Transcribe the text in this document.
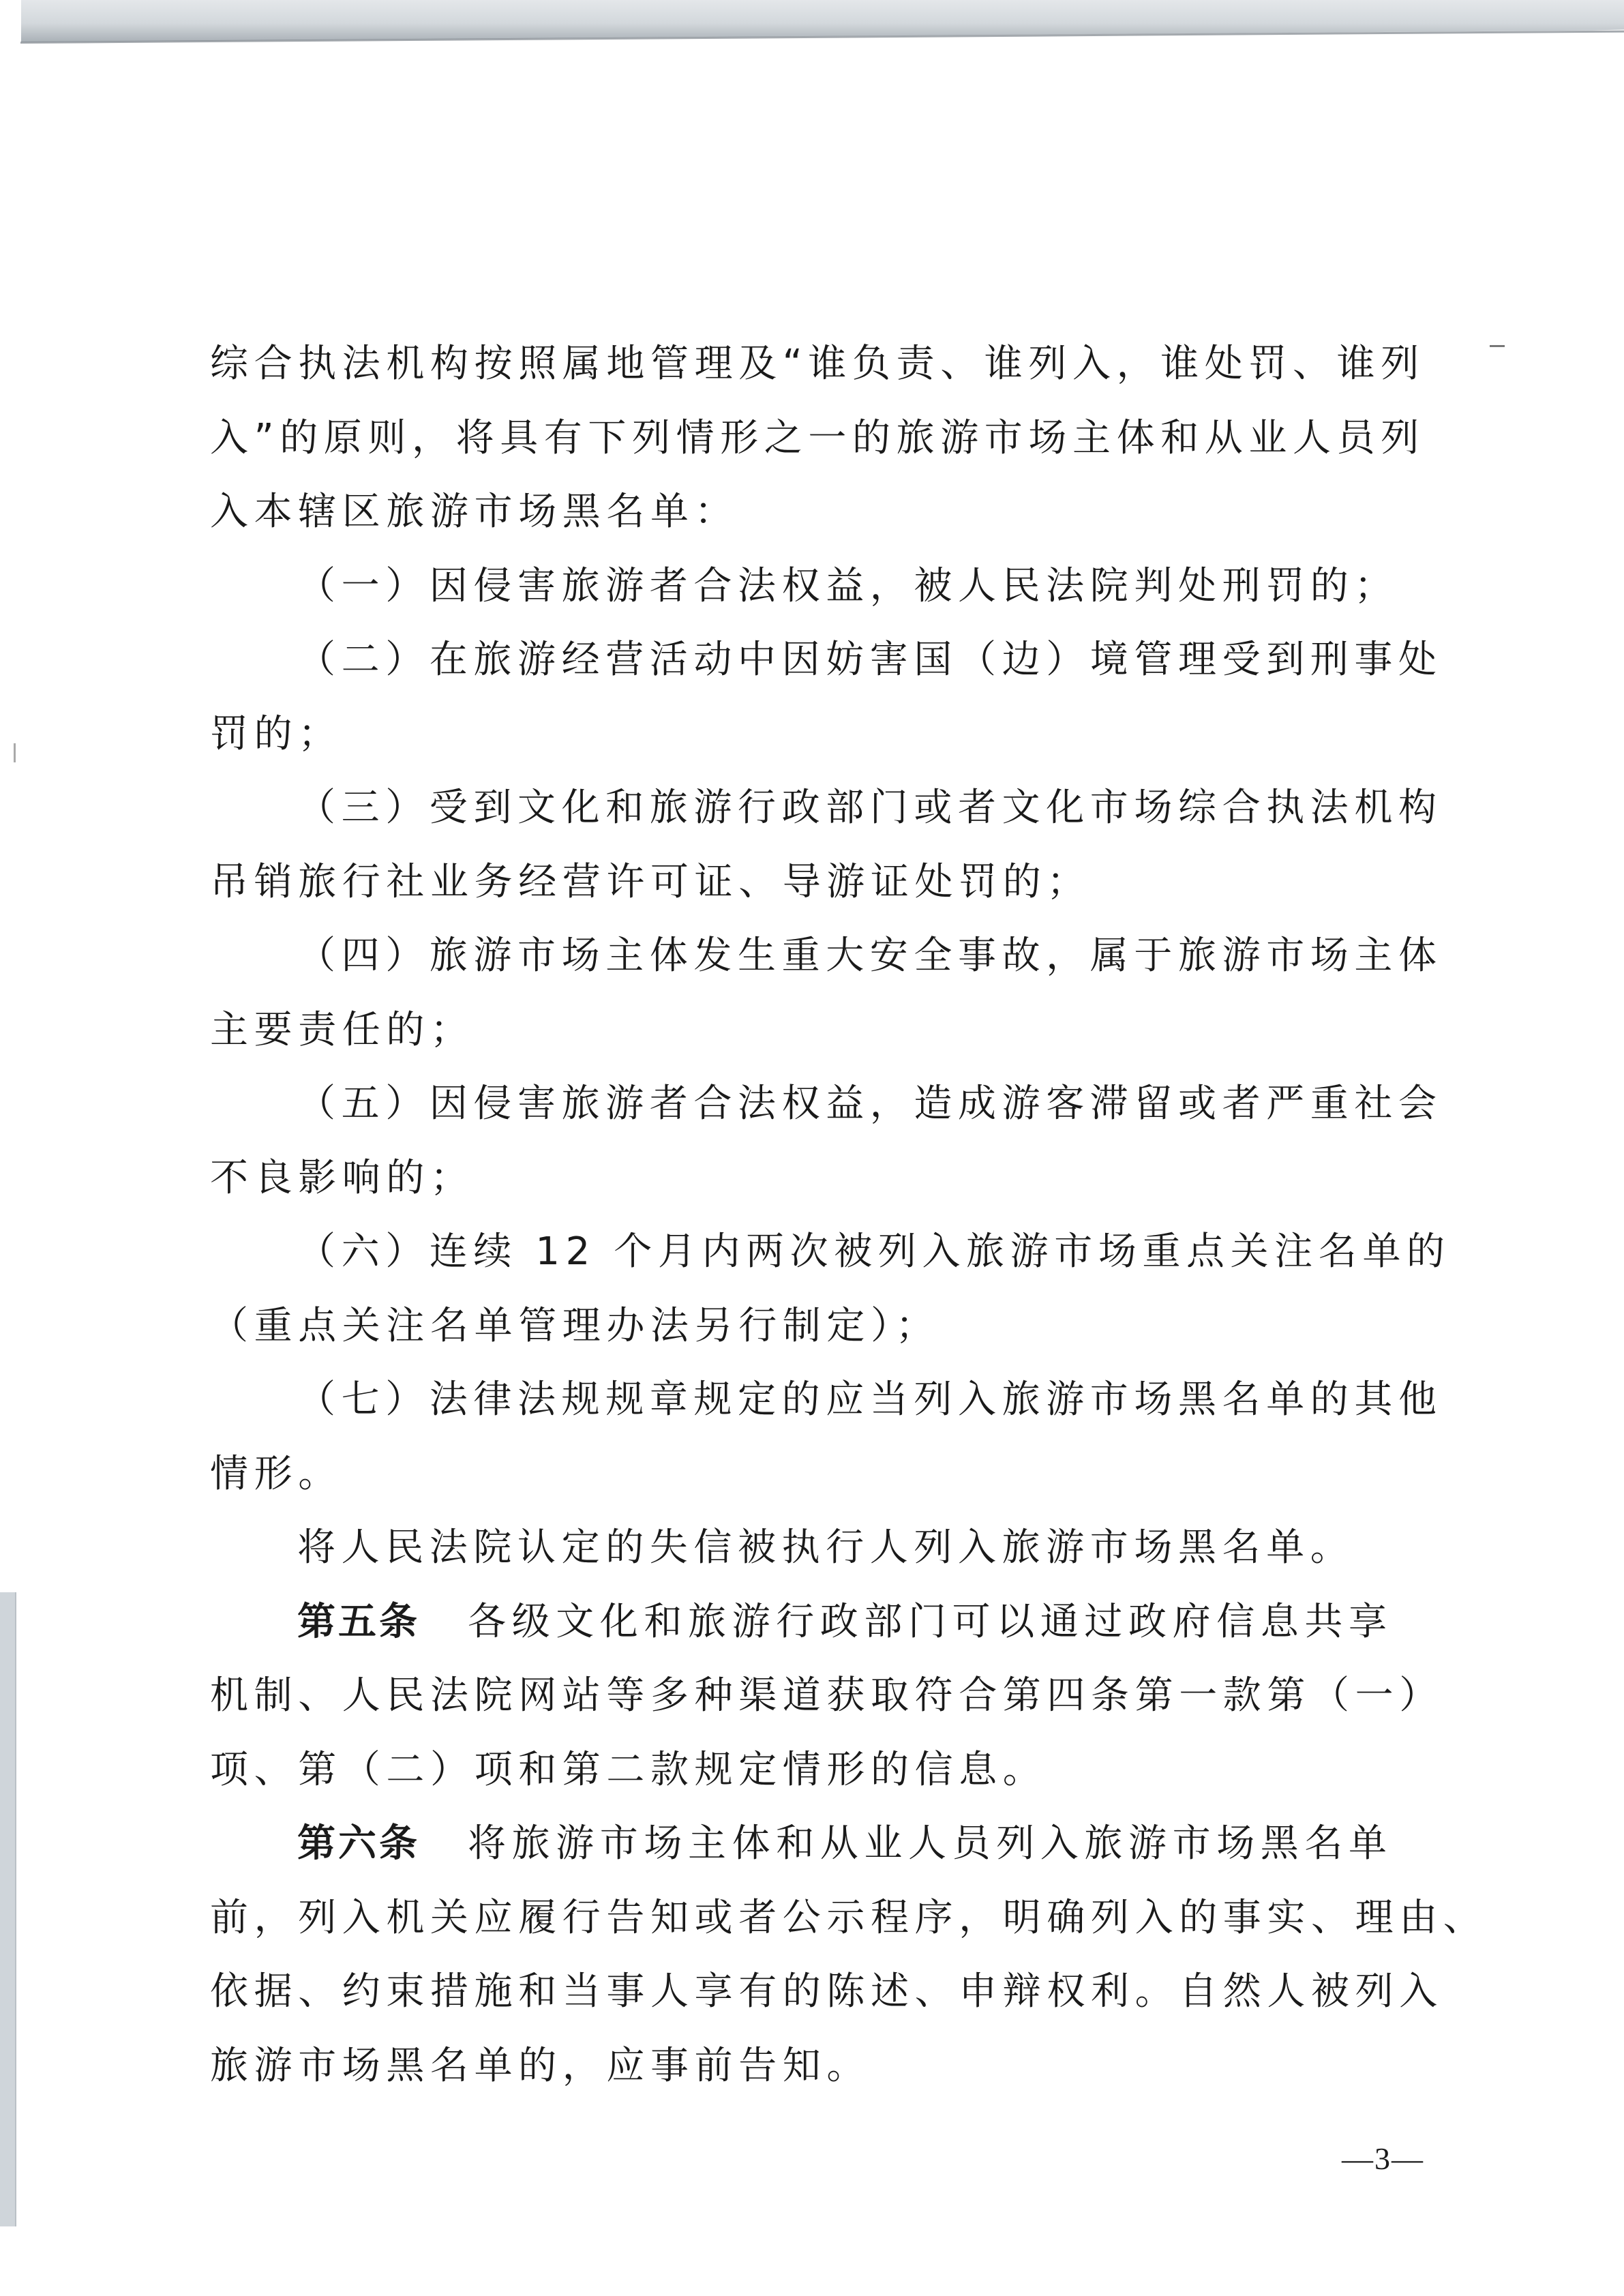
综合执法机构按照属地管理及“谁负责、谁列入，谁处罚、谁列
入”的原则，将具有下列情形之一的旅游市场主体和从业人员列
入本辖区旅游市场黑名单：
（一）因侵害旅游者合法权益，被人民法院判处刑罚的；
（二）在旅游经营活动中因妨害国（边）境管理受到刑事处
罚的；
（三）受到文化和旅游行政部门或者文化市场综合执法机构
吊销旅行社业务经营许可证、导游证处罚的；
（四）旅游市场主体发生重大安全事故，属于旅游市场主体
主要责任的；
（五）因侵害旅游者合法权益，造成游客滞留或者严重社会
不良影响的；
（六）连续 12 个月内两次被列入旅游市场重点关注名单的
（重点关注名单管理办法另行制定）；
（七）法律法规规章规定的应当列入旅游市场黑名单的其他
情形。
将人民法院认定的失信被执行人列入旅游市场黑名单。
第五条 各级文化和旅游行政部门可以通过政府信息共享
机制、人民法院网站等多种渠道获取符合第四条第一款第（一）
项、第（二）项和第二款规定情形的信息。
第六条 将旅游市场主体和从业人员列入旅游市场黑名单
前，列入机关应履行告知或者公示程序，明确列入的事实、理由、
依据、约束措施和当事人享有的陈述、申辩权利。自然人被列入
旅游市场黑名单的，应事前告知。
—3—
